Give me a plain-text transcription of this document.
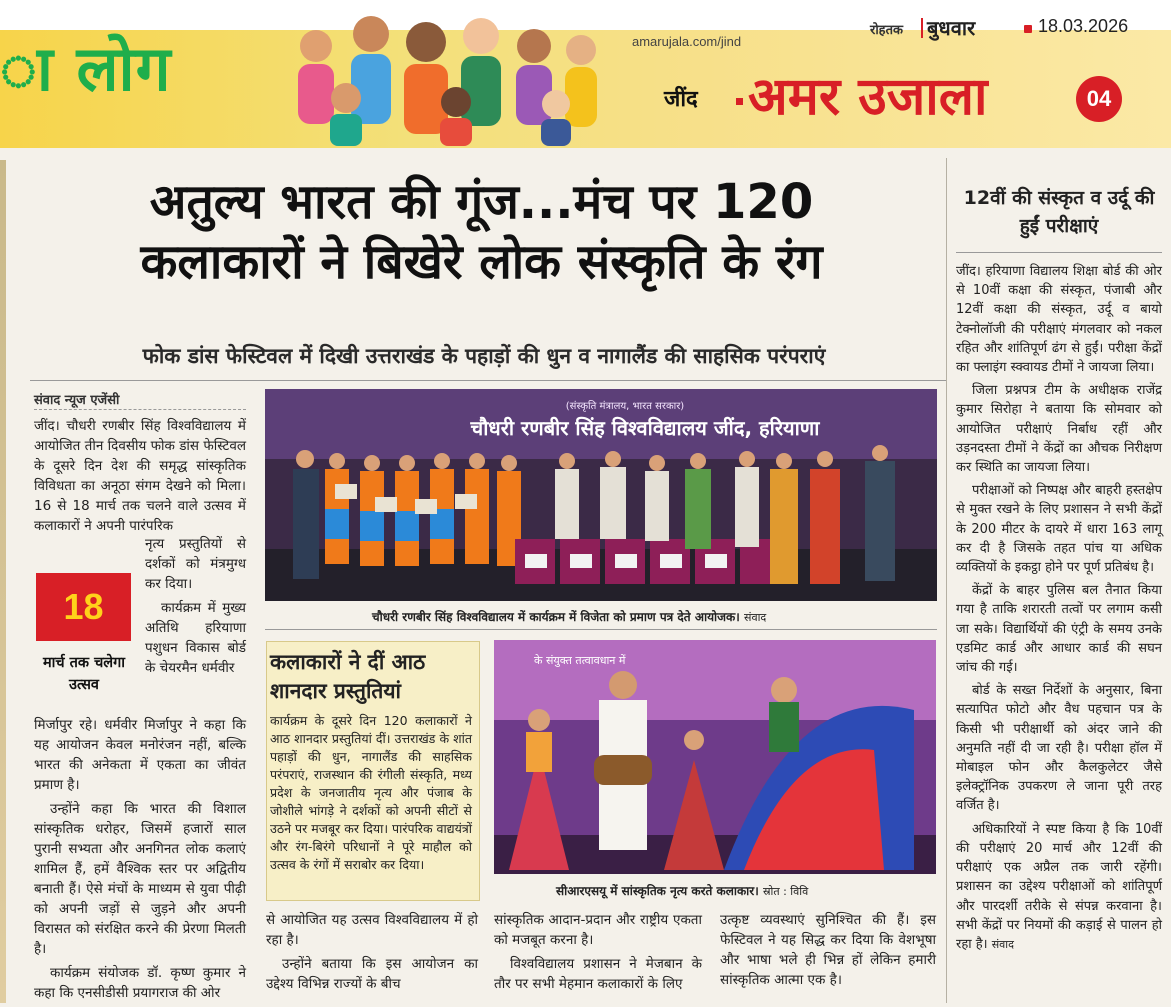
ा लोग	amarujala.com/jind
रोहतक बुधवार	18.03.2026
जींद अमर उजाला	04
अतुल्य भारत की गूंज...मंच पर 120
कलाकारों ने बिखेरे लोक संस्कृति के रंग
फोक डांस फेस्टिवल में दिखी उत्तराखंड के पहाड़ों की धुन व नागालैंड की साहसिक परंपराएं
संवाद न्यूज एजेंसी

जींद। चौधरी रणबीर सिंह विश्वविद्यालय में आयोजित तीन दिवसीय फोक डांस फेस्टिवल के दूसरे दिन देश की समृद्ध सांस्कृतिक विविधता का अनूठा संगम देखने को मिला। 16 से 18 मार्च तक चलने वाले उत्सव में कलाकारों ने अपनी पारंपरिक

नृत्य प्रस्तुतियों से दर्शकों को मंत्रमुग्ध कर दिया।

कार्यक्रम में मुख्य अतिथि हरियाणा पशुधन विकास बोर्ड के चेयरमैन धर्मवीर

18
मार्च तक चलेगा उत्सव

मिर्जापुर रहे। धर्मवीर मिर्जापुर ने कहा कि यह आयोजन केवल मनोरंजन नहीं, बल्कि भारत की अनेकता में एकता का जीवंत प्रमाण है।

उन्होंने कहा कि भारत की विशाल सांस्कृतिक धरोहर, जिसमें हजारों साल पुरानी सभ्यता और अनगिनत लोक कलाएं शामिल हैं, हमें वैश्विक स्तर पर अद्वितीय बनाती हैं। ऐसे मंचों के माध्यम से युवा पीढ़ी को अपनी जड़ों से जुड़ने और अपनी विरासत को संरक्षित करने की प्रेरणा मिलती है।

कार्यक्रम संयोजक डॉ. कृष्ण कुमार ने कहा कि एनसीडीसी प्रयागराज की ओर

(संस्कृति मंत्रालय, भारत सरकार)
चौधरी रणबीर सिंह विश्वविद्यालय जींद, हरियाणा
चौधरी रणबीर सिंह विश्वविद्यालय में कार्यक्रम में विजेता को प्रमाण पत्र देते आयोजक। संवाद
कलाकारों ने दीं आठ शानदार प्रस्तुतियां
कार्यक्रम के दूसरे दिन 120 कलाकारों ने आठ शानदार प्रस्तुतियां दीं। उत्तराखंड के शांत पहाड़ों की धुन, नागालैंड की साहसिक परंपराएं, राजस्थान की रंगीली संस्कृति, मध्य प्रदेश के जनजातीय नृत्य और पंजाब के जोशीले भांगड़े ने दर्शकों को अपनी सीटों से उठने पर मजबूर कर दिया। पारंपरिक वाद्ययंत्रों और रंग-बिरंगे परिधानों ने पूरे माहौल को उत्सव के रंगों में सराबोर कर दिया।
के संयुक्त तत्वावधान में
सीआरएसयू में सांस्कृतिक नृत्य करते कलाकार। स्रोत : विवि

से आयोजित यह उत्सव विश्वविद्यालय में हो रहा है।

उन्होंने बताया कि इस आयोजन का उद्देश्य विभिन्न राज्यों के बीच

सांस्कृतिक आदान-प्रदान और राष्ट्रीय एकता को मजबूत करना है।

विश्वविद्यालय प्रशासन ने मेजबान के तौर पर सभी मेहमान कलाकारों के लिए

उत्कृष्ट व्यवस्थाएं सुनिश्चित की हैं। इस फेस्टिवल ने यह सिद्ध कर दिया कि वेशभूषा और भाषा भले ही भिन्न हों लेकिन हमारी सांस्कृतिक आत्मा एक है।

12वीं की संस्कृत व उर्दू की हुईं परीक्षाएं

जींद। हरियाणा विद्यालय शिक्षा बोर्ड की ओर से 10वीं कक्षा की संस्कृत, पंजाबी और 12वीं कक्षा की संस्कृत, उर्दू व बायो टेक्नोलॉजी की परीक्षाएं मंगलवार को नकल रहित और शांतिपूर्ण ढंग से हुईं। परीक्षा केंद्रों का फ्लाइंग स्क्वायड टीमों ने जायजा लिया।

जिला प्रश्नपत्र टीम के अधीक्षक राजेंद्र कुमार सिरोहा ने बताया कि सोमवार को आयोजित परीक्षाएं निर्बाध रहीं और उड़नदस्ता टीमों ने केंद्रों का औचक निरीक्षण कर स्थिति का जायजा लिया।

परीक्षाओं को निष्पक्ष और बाहरी हस्तक्षेप से मुक्त रखने के लिए प्रशासन ने सभी केंद्रों के 200 मीटर के दायरे में धारा 163 लागू कर दी है जिसके तहत पांच या अधिक व्यक्तियों के इकट्ठा होने पर पूर्ण प्रतिबंध है।

केंद्रों के बाहर पुलिस बल तैनात किया गया है ताकि शरारती तत्वों पर लगाम कसी जा सके। विद्यार्थियों की एंट्री के समय उनके एडमिट कार्ड और आधार कार्ड की सघन जांच की गई।

बोर्ड के सख्त निर्देशों के अनुसार, बिना सत्यापित फोटो और वैध पहचान पत्र के किसी भी परीक्षार्थी को अंदर जाने की अनुमति नहीं दी जा रही है। परीक्षा हॉल में मोबाइल फोन और कैलकुलेटर जैसे इलेक्ट्रॉनिक उपकरण ले जाना पूरी तरह वर्जित है।

अधिकारियों ने स्पष्ट किया है कि 10वीं की परीक्षाएं 20 मार्च और 12वीं की परीक्षाएं एक अप्रैल तक जारी रहेंगी। प्रशासन का उद्देश्य परीक्षाओं को शांतिपूर्ण और पारदर्शी तरीके से संपन्न करवाना है। सभी केंद्रों पर नियमों की कड़ाई से पालन हो रहा है। संवाद
